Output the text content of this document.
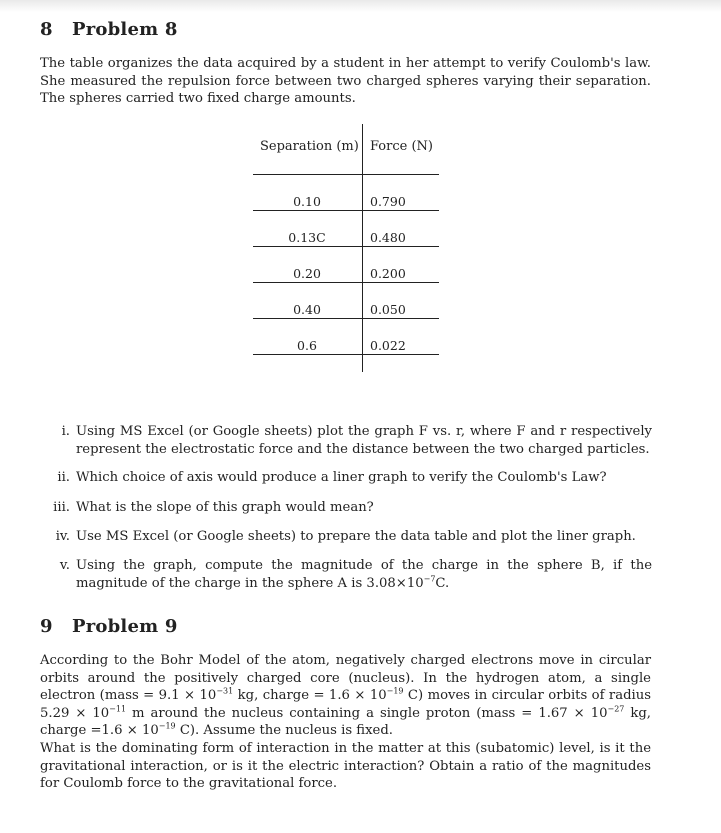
8 Problem 8
The table organizes the data acquired by a student in her attempt to verify Coulomb's law. She measured the repulsion force between two charged spheres varying their separation. The spheres carried two fixed charge amounts.
Separation (m) Force (N)
0.10	0.790
0.13C	0.480
0.20	0.200
0.40	0.050
0.6	0.022
i. Using MS Excel (or Google sheets) plot the graph F vs. r, where F and r respectively represent the electrostatic force and the distance between the two charged particles.
ii. Which choice of axis would produce a liner graph to verify the Coulomb's Law?
iii. What is the slope of this graph would mean?
iv. Use MS Excel (or Google sheets) to prepare the data table and plot the liner graph.
v. Using the graph, compute the magnitude of the charge in the sphere B, if the magnitude of the charge in the sphere A is $3.08\times 10^{-7}C$.
9 Problem 9
According to the Bohr Model of the atom, negatively charged electrons move in circular orbits around the positively charged core (nucleus). In the hydrogen atom, a single electron (mass = $9.1 \times 10^{-31}$ kg, charge = $1.6 \times 10^{-19}$ C) moves in circular orbits of radius $5.29 \times 10^{-11}$ m around the nucleus containing a single proton (mass = $1.67 \times 10^{-27}$ kg, charge $=1.6 \times 10^{-19}$ C). Assume the nucleus is fixed.
What is the dominating form of interaction in the matter at this (subatomic) level, is it the gravitational interaction, or is it the electric interaction? Obtain a ratio of the magnitudes for Coulomb force to the gravitational force.
